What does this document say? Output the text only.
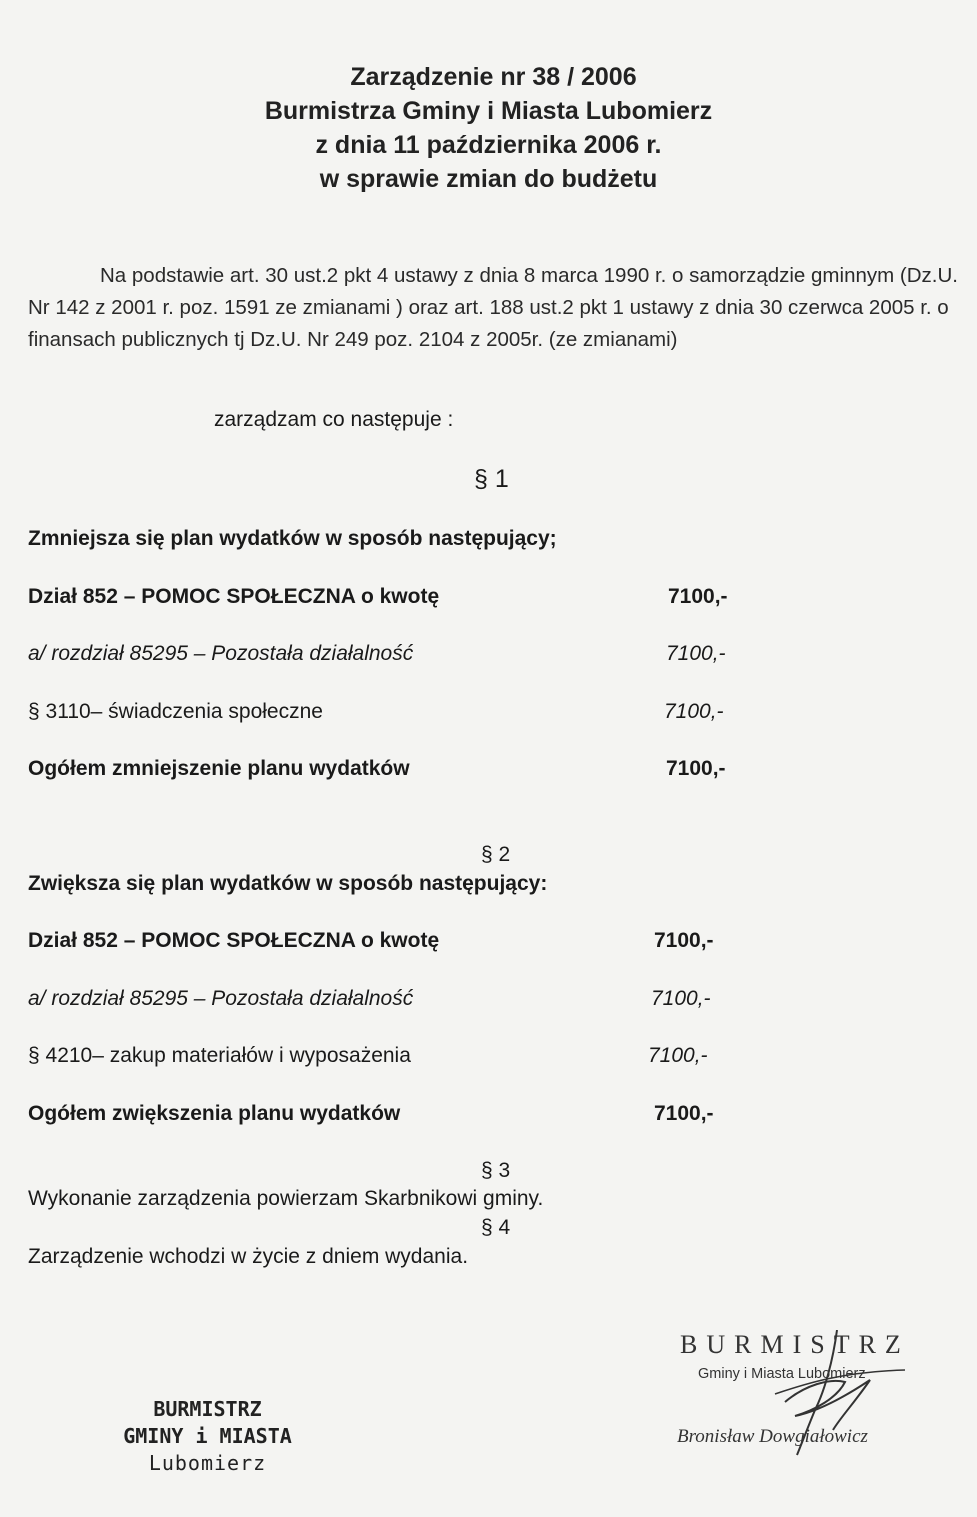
Zarządzenie nr 38 / 2006
Burmistrza Gminy i Miasta Lubomierz
z dnia 11 października 2006 r.
w sprawie zmian do budżetu
Na podstawie art. 30 ust.2 pkt 4 ustawy z dnia 8 marca 1990 r. o samorządzie gminnym (Dz.U. Nr 142 z 2001 r. poz. 1591 ze zmianami ) oraz art. 188 ust.2 pkt 1 ustawy z dnia 30 czerwca 2005 r. o finansach publicznych tj Dz.U. Nr 249 poz. 2104 z 2005r. (ze zmianami)
zarządzam co następuje :
§ 1
Zmniejsza się plan wydatków w sposób następujący;
Dział 852 – POMOC SPOŁECZNA o kwotę	7100,-
a/ rozdział 85295 – Pozostała działalność	7100,-
§ 3110– świadczenia społeczne	7100,-
Ogółem zmniejszenie planu wydatków	7100,-
§ 2
Zwiększa się plan wydatków w sposób następujący:
Dział 852 – POMOC SPOŁECZNA o kwotę	7100,-
a/ rozdział 85295 – Pozostała działalność	7100,-
§ 4210– zakup materiałów i wyposażenia	7100,-
Ogółem zwiększenia planu wydatków	7100,-
§ 3
Wykonanie zarządzenia powierzam Skarbnikowi gminy.
§ 4
Zarządzenie wchodzi w życie z dniem wydania.
BURMISTRZ
GMINY i MIASTA
Lubomierz
BURMISTRZ
Gminy i Miasta Lubomierz
Bronisław Dowgiałowicz
